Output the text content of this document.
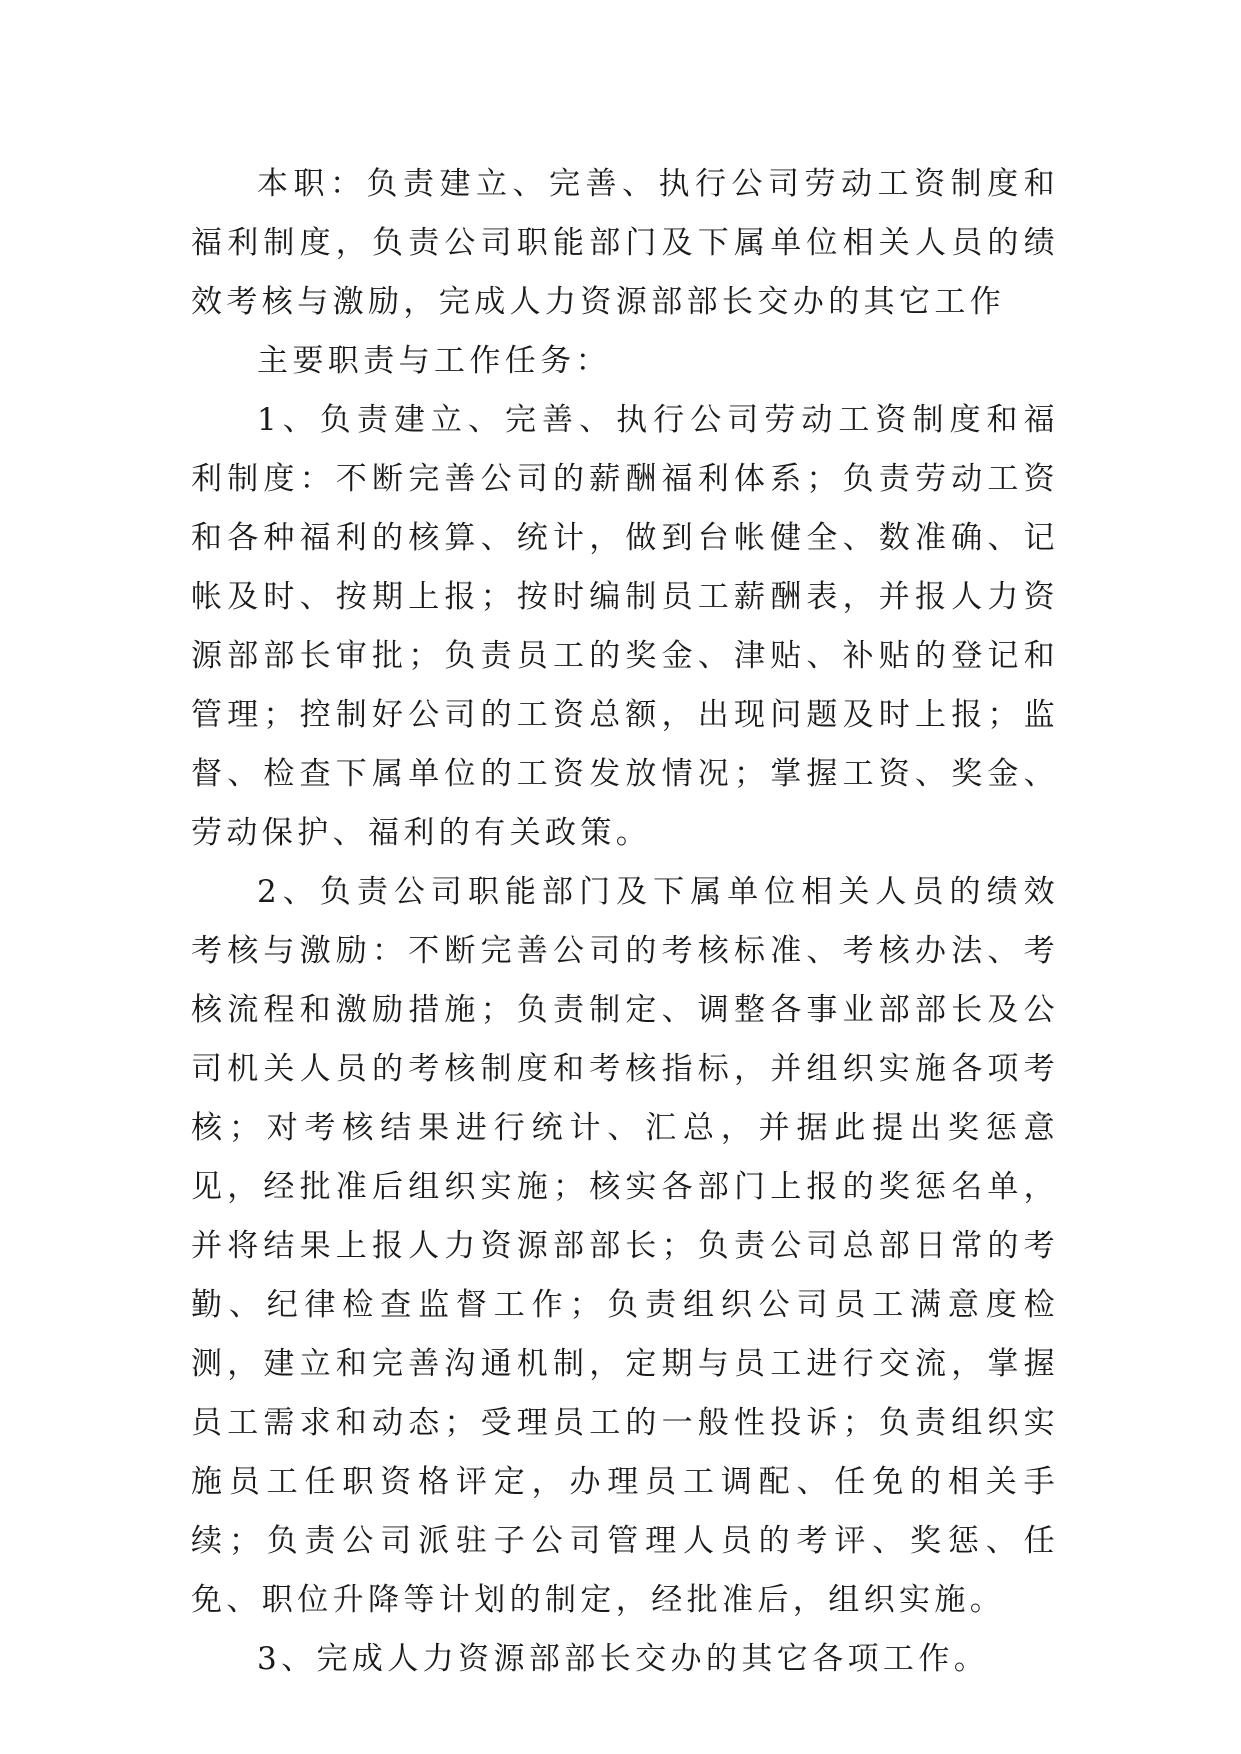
本职：负责建立、完善、执行公司劳动工资制度和福利制度，负责公司职能部门及下属单位相关人员的绩效考核与激励，完成人力资源部部长交办的其它工作

主要职责与工作任务：

1、负责建立、完善、执行公司劳动工资制度和福利制度：不断完善公司的薪酬福利体系；负责劳动工资和各种福利的核算、统计，做到台帐健全、数准确、记帐及时、按期上报；按时编制员工薪酬表，并报人力资源部部长审批；负责员工的奖金、津贴、补贴的登记和管理；控制好公司的工资总额，出现问题及时上报；监督、检查下属单位的工资发放情况；掌握工资、奖金、劳动保护、福利的有关政策。

2、负责公司职能部门及下属单位相关人员的绩效考核与激励：不断完善公司的考核标准、考核办法、考核流程和激励措施；负责制定、调整各事业部部长及公司机关人员的考核制度和考核指标，并组织实施各项考核；对考核结果进行统计、汇总，并据此提出奖惩意见，经批准后组织实施；核实各部门上报的奖惩名单，并将结果上报人力资源部部长；负责公司总部日常的考勤、纪律检查监督工作；负责组织公司员工满意度检测，建立和完善沟通机制，定期与员工进行交流，掌握员工需求和动态；受理员工的一般性投诉；负责组织实施员工任职资格评定，办理员工调配、任免的相关手续；负责公司派驻子公司管理人员的考评、奖惩、任免、职位升降等计划的制定，经批准后，组织实施。

3、完成人力资源部部长交办的其它各项工作。
